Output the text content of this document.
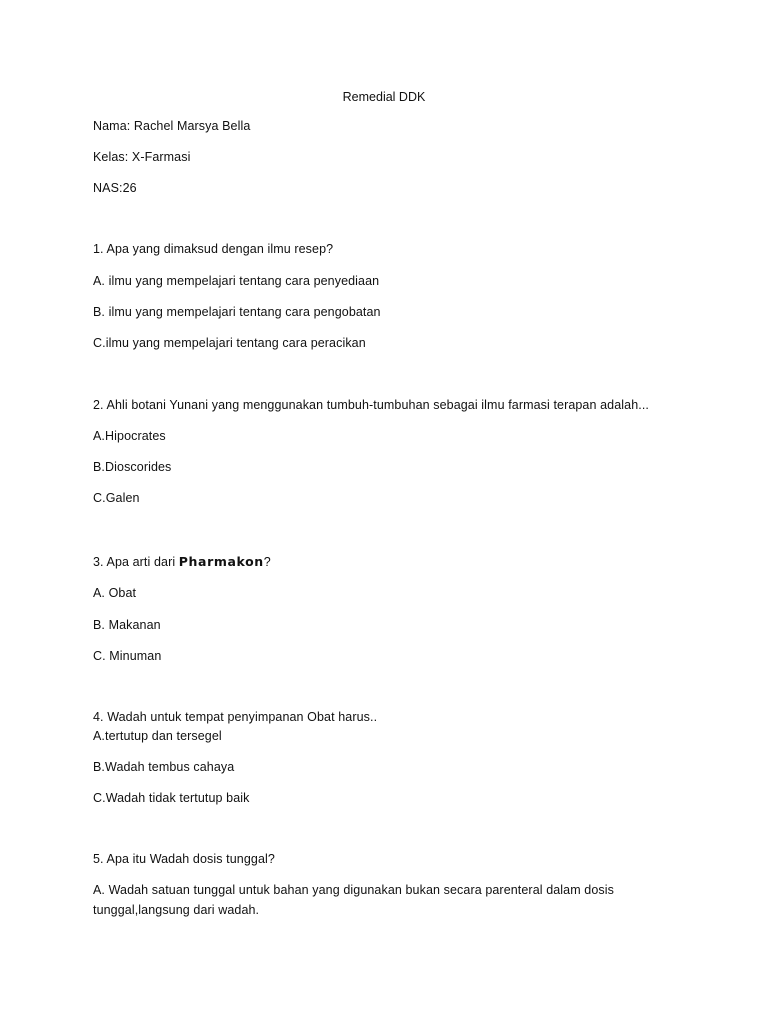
Remedial DDK
Nama: Rachel Marsya Bella
Kelas: X-Farmasi
NAS:26
1. Apa yang dimaksud dengan ilmu resep?
A. ilmu yang mempelajari tentang cara penyediaan
B. ilmu yang mempelajari tentang cara pengobatan
C.ilmu yang mempelajari tentang cara peracikan
2. Ahli botani Yunani yang menggunakan tumbuh-tumbuhan sebagai ilmu farmasi terapan adalah...
A.Hipocrates
B.Dioscorides
C.Galen
3. Apa arti dari Pharmakon?
A. Obat
B. Makanan
C. Minuman
4. Wadah untuk tempat penyimpanan Obat harus..
A.tertutup dan tersegel
B.Wadah tembus cahaya
C.Wadah tidak tertutup baik
5. Apa itu Wadah dosis tunggal?
A. Wadah satuan tunggal untuk bahan yang digunakan bukan secara parenteral dalam dosis
tunggal,langsung dari wadah.
